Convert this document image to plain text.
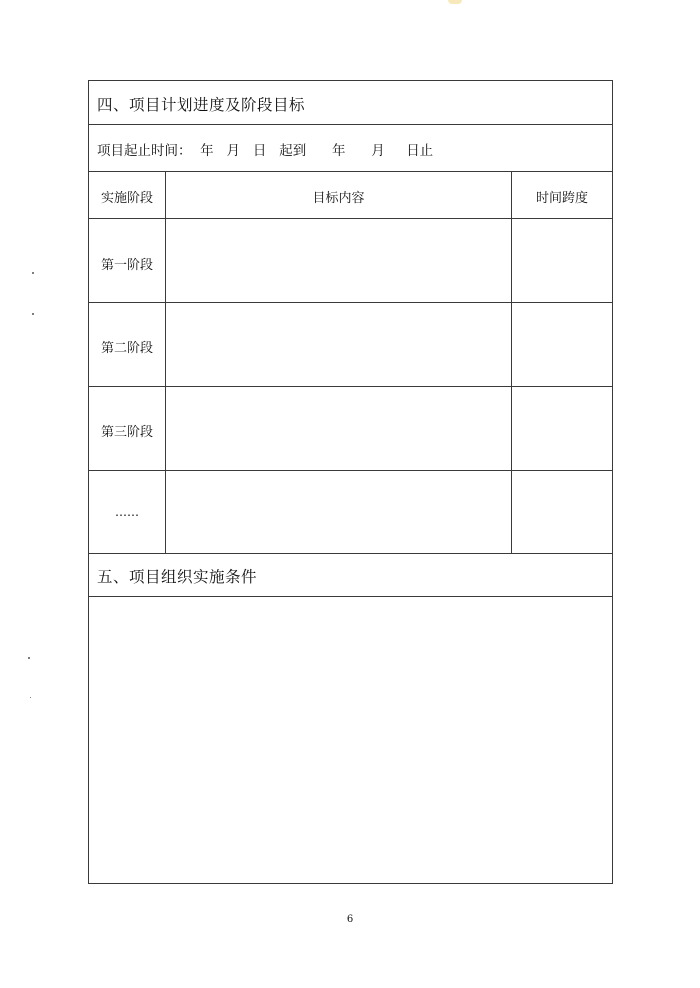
四、项目计划进度及阶段目标
项目起止时间： 年 月 日 起到 年 月 日止
实施阶段	目标内容	时间跨度
第一阶段
第二阶段
第三阶段
……
五、项目组织实施条件
6
